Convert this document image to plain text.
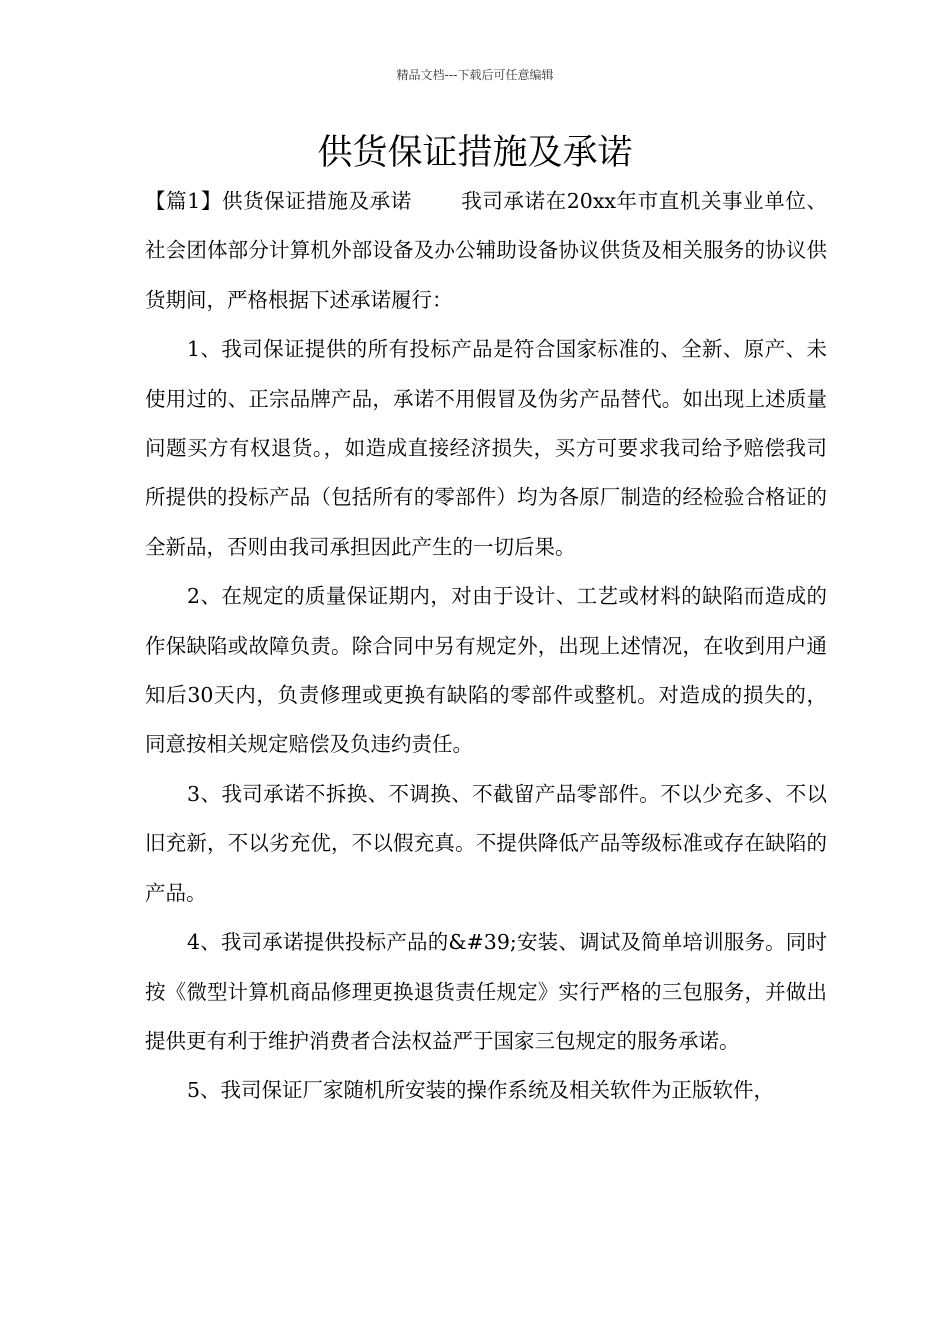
精品文档---下载后可任意编辑
供货保证措施及承诺

【篇1】供货保证措施及承诺　　 我司承诺在20xx年市直机关事业单位、社会团体部分计算机外部设备及办公辅助设备协议供货及相关服务的协议供货期间，严格根据下述承诺履行：

1、我司保证提供的所有投标产品是符合国家标准的、全新、原产、未使用过的、正宗品牌产品，承诺不用假冒及伪劣产品替代。如出现上述质量问题买方有权退货。，如造成直接经济损失，买方可要求我司给予赔偿我司所提供的投标产品（包括所有的零部件）均为各原厂制造的经检验合格证的全新品，否则由我司承担因此产生的一切后果。

2、在规定的质量保证期内，对由于设计、工艺或材料的缺陷而造成的作保缺陷或故障负责。除合同中另有规定外，出现上述情况，在收到用户通知后30天内，负责修理或更换有缺陷的零部件或整机。对造成的损失的，同意按相关规定赔偿及负违约责任。

3、我司承诺不拆换、不调换、不截留产品零部件。不以少充多、不以旧充新，不以劣充优，不以假充真。不提供降低产品等级标准或存在缺陷的产品。

4、我司承诺提供投标产品的&#39;安装、调试及简单培训服务。同时按《微型计算机商品修理更换退货责任规定》实行严格的三包服务，并做出提供更有利于维护消费者合法权益严于国家三包规定的服务承诺。

5、我司保证厂家随机所安装的操作系统及相关软件为正版软件，
